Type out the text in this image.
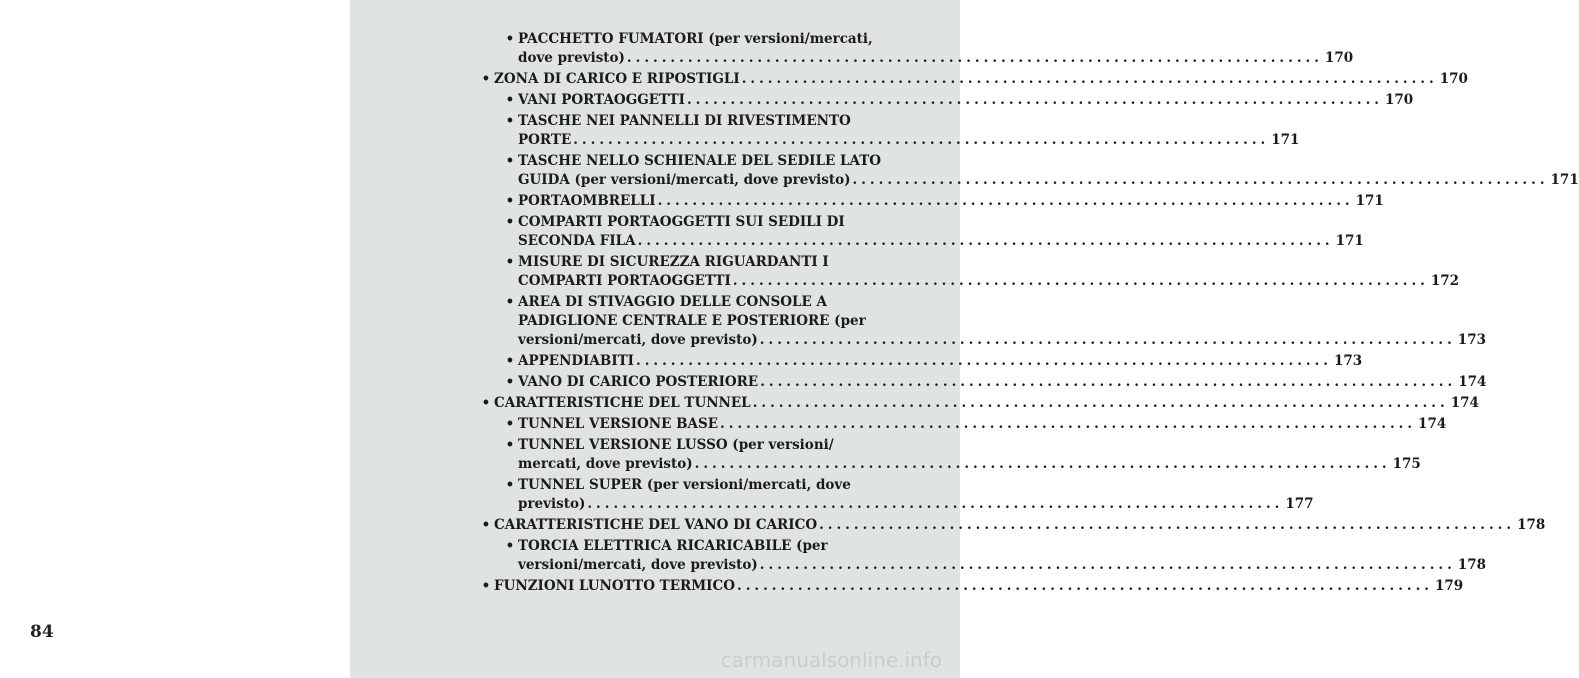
84
• PACCHETTO FUMATORI (per versioni/mercati,
dove previsto) ................................................................................ 170
• ZONA DI CARICO E RIPOSTIGLI ................................................................................ 170
• VANI PORTAOGGETTI ................................................................................ 170
• TASCHE NEI PANNELLI DI RIVESTIMENTO
PORTE ................................................................................ 171
• TASCHE NELLO SCHIENALE DEL SEDILE LATO
GUIDA (per versioni/mercati, dove previsto) ................................................................................ 171
• PORTAOMBRELLI ................................................................................ 171
• COMPARTI PORTAOGGETTI SUI SEDILI DI
SECONDA FILA ................................................................................ 171
• MISURE DI SICUREZZA RIGUARDANTI I
COMPARTI PORTAOGGETTI ................................................................................ 172
• AREA DI STIVAGGIO DELLE CONSOLE A
PADIGLIONE CENTRALE E POSTERIORE (per
versioni/mercati, dove previsto) ................................................................................ 173
• APPENDIABITI ................................................................................ 173
• VANO DI CARICO POSTERIORE ................................................................................ 174
• CARATTERISTICHE DEL TUNNEL ................................................................................ 174
• TUNNEL VERSIONE BASE ................................................................................ 174
• TUNNEL VERSIONE LUSSO (per versioni/
mercati, dove previsto) ................................................................................ 175
• TUNNEL SUPER (per versioni/mercati, dove
previsto) ................................................................................ 177
• CARATTERISTICHE DEL VANO DI CARICO ................................................................................ 178
• TORCIA ELETTRICA RICARICABILE (per
versioni/mercati, dove previsto) ................................................................................ 178
• FUNZIONI LUNOTTO TERMICO ................................................................................ 179
carmanualsonline.info
